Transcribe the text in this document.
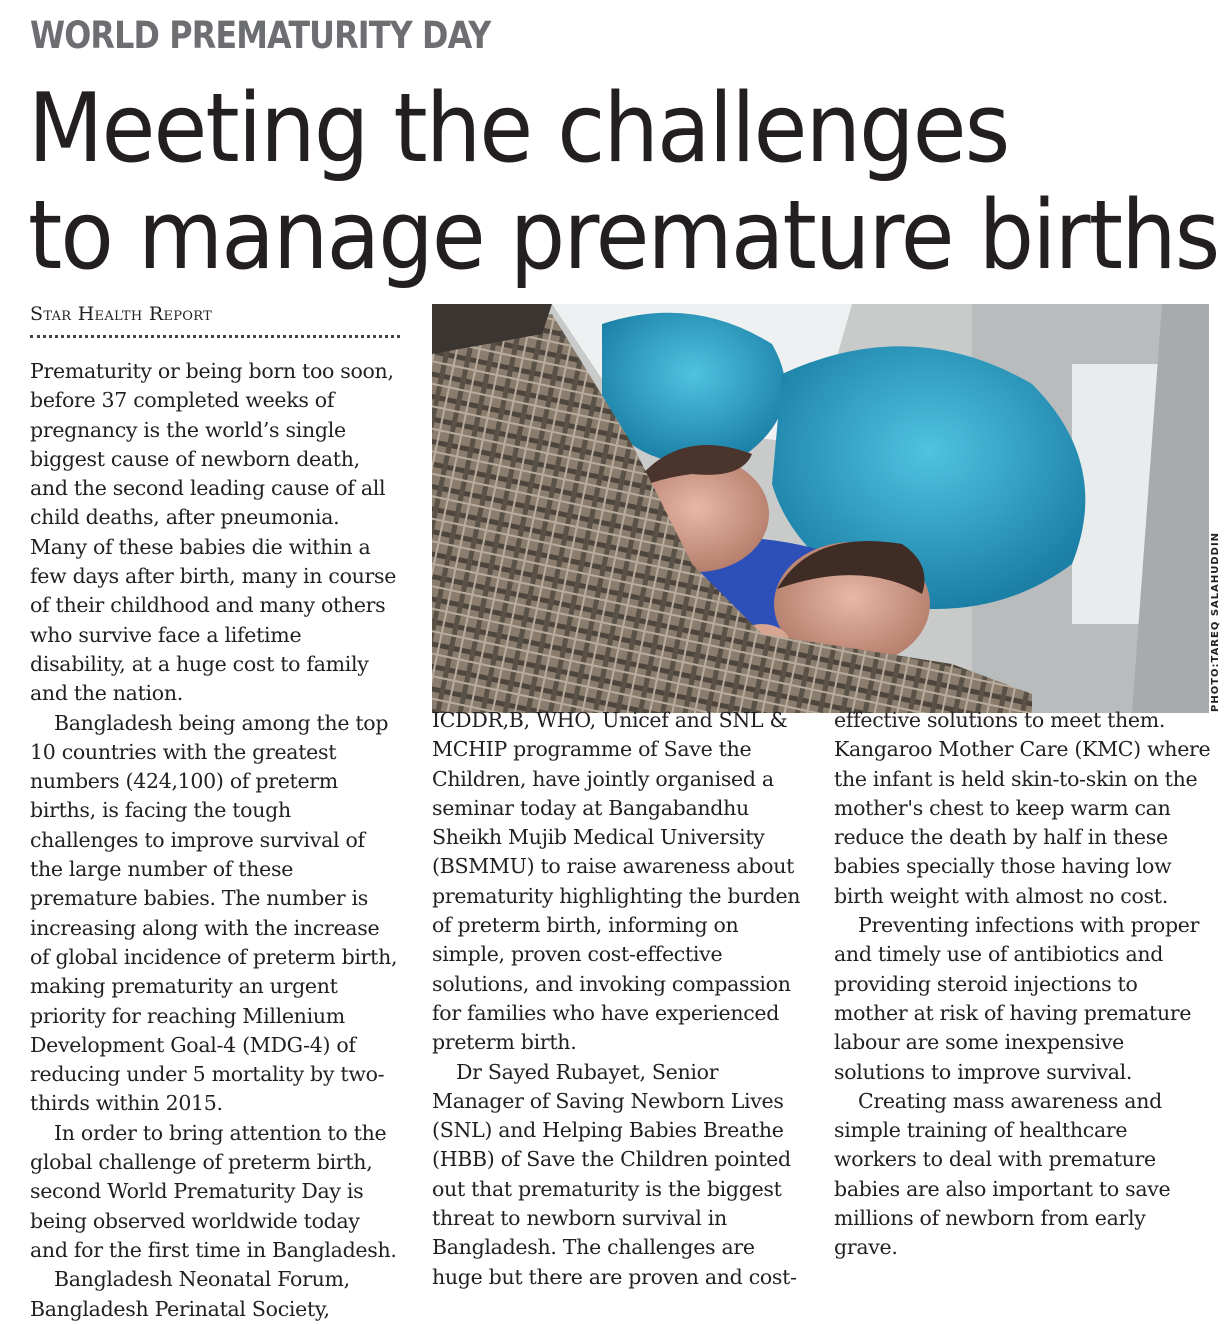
WORLD PREMATURITY DAY
Meeting the challenges
to manage premature births
Star Health Report

Prematurity or being born too soon, before 37 completed weeks of pregnancy is the world’s single biggest cause of newborn death, and the second leading cause of all child deaths, after pneumonia. Many of these babies die within a few days after birth, many in course of their childhood and many others who survive face a lifetime disability, at a huge cost to family and the nation.

Bangladesh being among the top 10 countries with the greatest numbers (424,100) of preterm births, is facing the tough challenges to improve survival of the large number of these premature babies. The number is increasing along with the increase of global incidence of preterm birth, making prematurity an urgent priority for reaching Millenium Development Goal-4 (MDG-4) of reducing under 5 mortality by two-thirds within 2015.

In order to bring attention to the global challenge of preterm birth, second World Prematurity Day is being observed worldwide today and for the first time in Bangladesh.

Bangladesh Neonatal Forum, Bangladesh Perinatal Society,

PHOTO:TAREQ SALAHUDDIN

ICDDR,B, WHO, Unicef and SNL & MCHIP programme of Save the Children, have jointly organised a seminar today at Bangabandhu Sheikh Mujib Medical University (BSMMU) to raise awareness about prematurity highlighting the burden of preterm birth, informing on simple, proven cost-effective solutions, and invoking compassion for families who have experienced preterm birth.

Dr Sayed Rubayet, Senior Manager of Saving Newborn Lives (SNL) and Helping Babies Breathe (HBB) of Save the Children pointed out that prematurity is the biggest threat to newborn survival in Bangladesh. The challenges are huge but there are proven and cost-

effective solutions to meet them. Kangaroo Mother Care (KMC) where the infant is held skin-to-skin on the mother's chest to keep warm can reduce the death by half in these babies specially those having low birth weight with almost no cost.

Preventing infections with proper and timely use of antibiotics and providing steroid injections to mother at risk of having premature labour are some inexpensive solutions to improve survival.

Creating mass awareness and simple training of healthcare workers to deal with premature babies are also important to save millions of newborn from early grave.
